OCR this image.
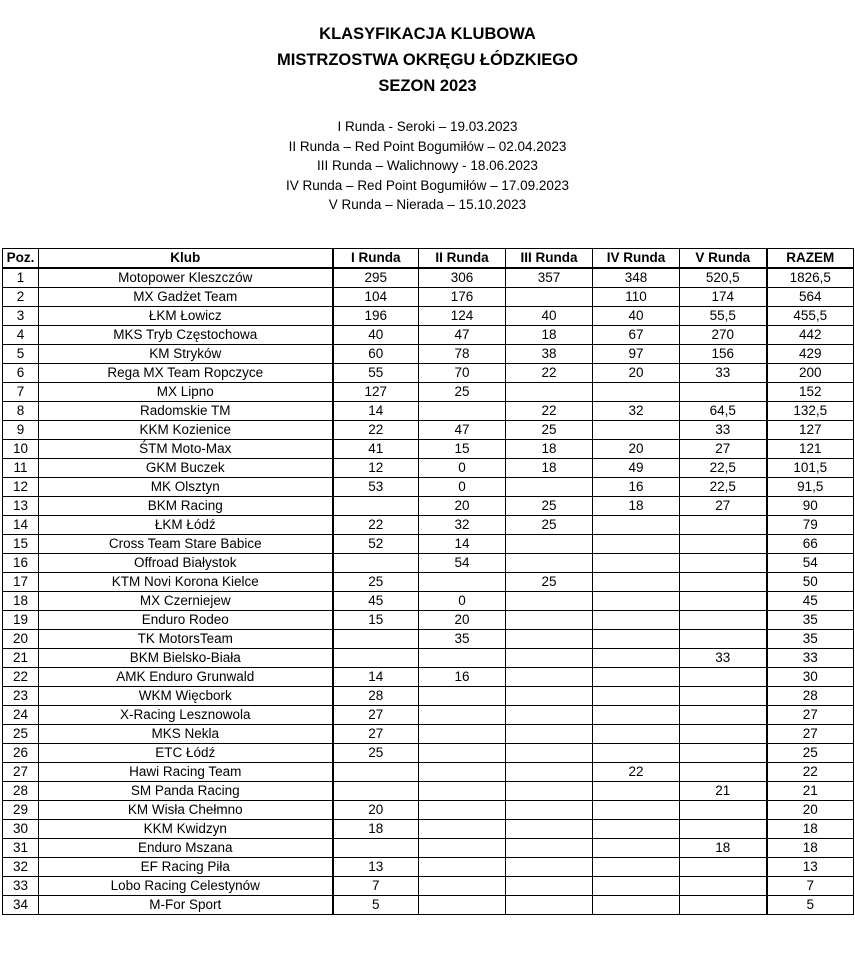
KLASYFIKACJA KLUBOWA
MISTRZOSTWA OKRĘGU ŁÓDZKIEGO
SEZON 2023
I Runda - Seroki – 19.03.2023
II Runda – Red Point Bogumiłów – 02.04.2023
III Runda – Walichnowy - 18.06.2023
IV Runda – Red Point Bogumiłów – 17.09.2023
V Runda – Nierada – 15.10.2023
Poz.	Klub	I Runda	II Runda	III Runda	IV Runda	V Runda	RAZEM
1	Motopower Kleszczów	295	306	357	348	520,5	1826,5
2	MX Gadżet Team	104	176		110	174	564
3	ŁKM Łowicz	196	124	40	40	55,5	455,5
4	MKS Tryb Częstochowa	40	47	18	67	270	442
5	KM Stryków	60	78	38	97	156	429
6	Rega MX Team Ropczyce	55	70	22	20	33	200
7	MX Lipno	127	25				152
8	Radomskie TM	14		22	32	64,5	132,5
9	KKM Kozienice	22	47	25		33	127
10	ŚTM Moto-Max	41	15	18	20	27	121
11	GKM Buczek	12	0	18	49	22,5	101,5
12	MK Olsztyn	53	0		16	22,5	91,5
13	BKM Racing		20	25	18	27	90
14	ŁKM Łódź	22	32	25			79
15	Cross Team Stare Babice	52	14				66
16	Offroad Białystok		54				54
17	KTM Novi Korona Kielce	25		25			50
18	MX Czerniejew	45	0				45
19	Enduro Rodeo	15	20				35
20	TK MotorsTeam		35				35
21	BKM Bielsko-Biała					33	33
22	AMK Enduro Grunwald	14	16				30
23	WKM Więcbork	28					28
24	X-Racing Lesznowola	27					27
25	MKS Nekla	27					27
26	ETC Łódź	25					25
27	Hawi Racing Team				22		22
28	SM Panda Racing					21	21
29	KM Wisła Chełmno	20					20
30	KKM Kwidzyn	18					18
31	Enduro Mszana					18	18
32	EF Racing Piła	13					13
33	Lobo Racing Celestynów	7					7
34	M-For Sport	5					5
